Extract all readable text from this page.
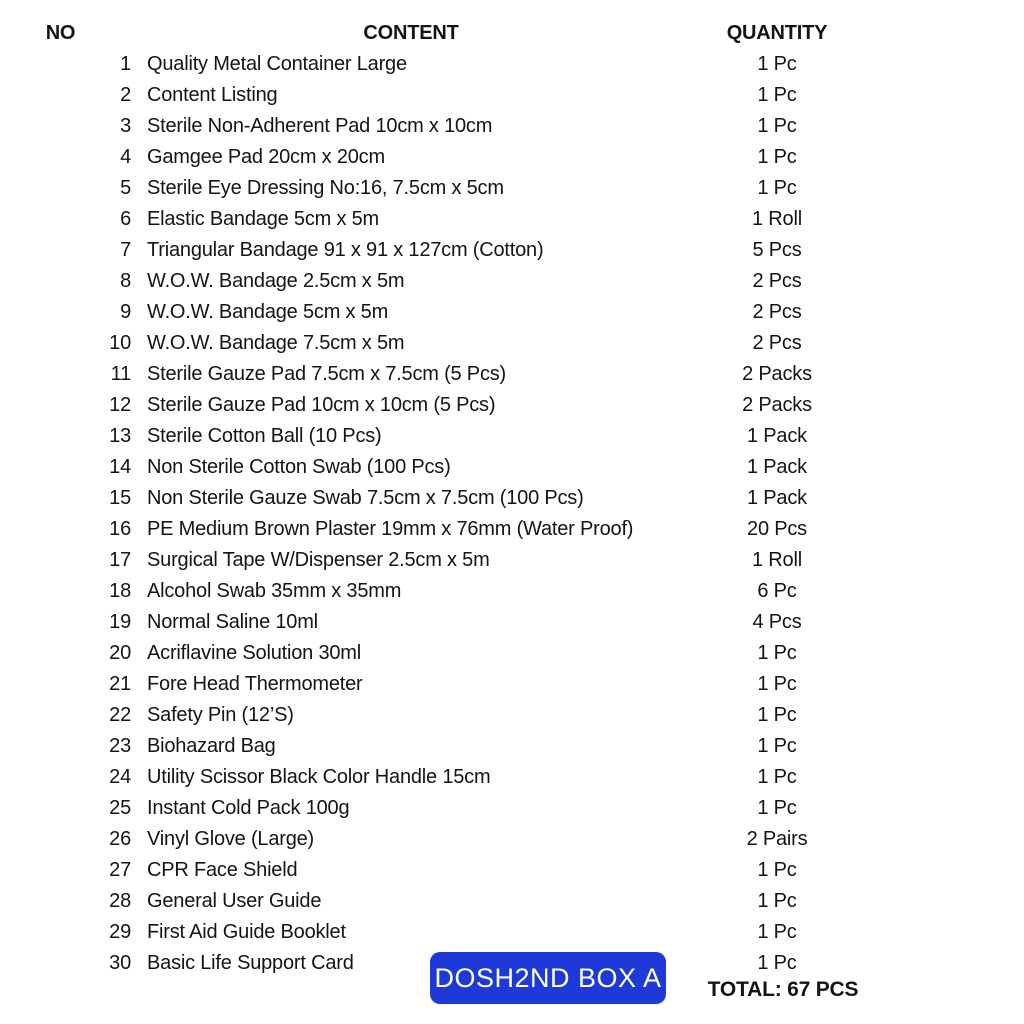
NO	CONTENT	QUANTITY
1 Quality Metal Container Large	1 Pc
2 Content Listing	1 Pc
3 Sterile Non-Adherent Pad 10cm x 10cm	1 Pc
4 Gamgee Pad 20cm x 20cm	1 Pc
5 Sterile Eye Dressing No:16, 7.5cm x 5cm	1 Pc
6 Elastic Bandage 5cm x 5m	1 Roll
7 Triangular Bandage 91 x 91 x 127cm (Cotton)	5 Pcs
8 W.O.W. Bandage 2.5cm x 5m	2 Pcs
9 W.O.W. Bandage 5cm x 5m	2 Pcs
10 W.O.W. Bandage 7.5cm x 5m	2 Pcs
11 Sterile Gauze Pad 7.5cm x 7.5cm (5 Pcs)	2 Packs
12 Sterile Gauze Pad 10cm x 10cm (5 Pcs)	2 Packs
13 Sterile Cotton Ball (10 Pcs)	1 Pack
14 Non Sterile Cotton Swab (100 Pcs)	1 Pack
15 Non Sterile Gauze Swab 7.5cm x 7.5cm (100 Pcs)	1 Pack
16 PE Medium Brown Plaster 19mm x 76mm (Water Proof)	20 Pcs
17 Surgical Tape W/Dispenser 2.5cm x 5m	1 Roll
18 Alcohol Swab 35mm x 35mm	6 Pc
19 Normal Saline 10ml	4 Pcs
20 Acriflavine Solution 30ml	1 Pc
21 Fore Head Thermometer	1 Pc
22 Safety Pin (12’S)	1 Pc
23 Biohazard Bag	1 Pc
24 Utility Scissor Black Color Handle 15cm	1 Pc
25 Instant Cold Pack 100g	1 Pc
26 Vinyl Glove (Large)	2 Pairs
27 CPR Face Shield	1 Pc
28 General User Guide	1 Pc
29 First Aid Guide Booklet	1 Pc
30 Basic Life Support Card	1 Pc
DOSH2ND BOX A	TOTAL: 67 PCS
